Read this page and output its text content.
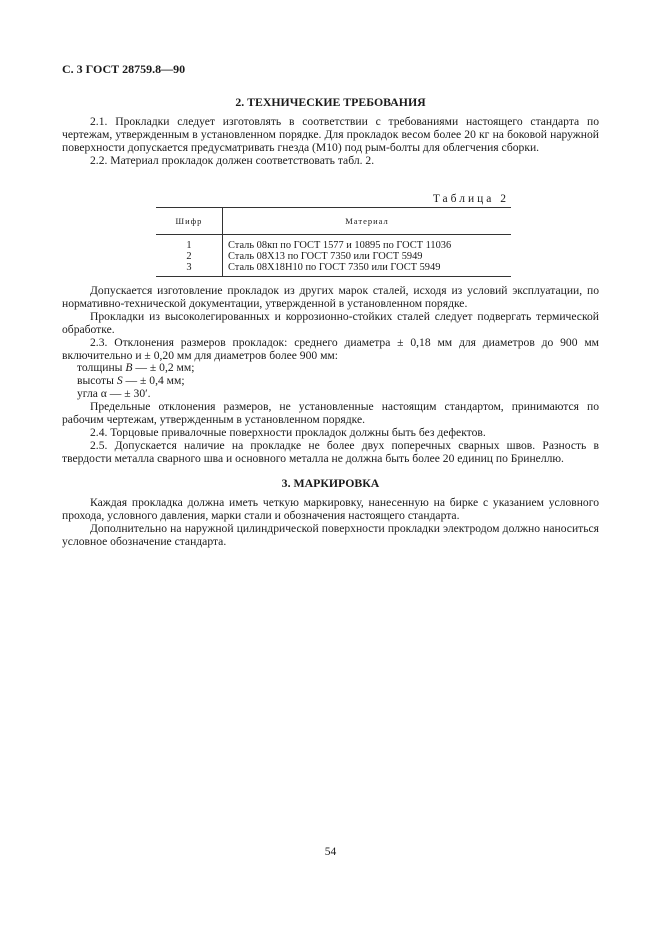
С. 3 ГОСТ 28759.8—90
2. ТЕХНИЧЕСКИЕ ТРЕБОВАНИЯ

2.1. Прокладки следует изготовлять в соответствии с требованиями настоящего стандарта по чертежам, утвержденным в установленном порядке. Для прокладок весом более 20 кг на боковой наружной поверхности допускается предусматривать гнезда (М10) под рым-болты для облегчения сборки.

2.2. Материал прокладок должен соответствовать табл. 2.

Таблица 2
Шифр	Материал
1	Сталь 08кп по ГОСТ 1577 и 10895 по ГОСТ 11036
2	Сталь 08Х13 по ГОСТ 7350 или ГОСТ 5949
3	Сталь 08Х18Н10 по ГОСТ 7350 или ГОСТ 5949

Допускается изготовление прокладок из других марок сталей, исходя из условий эксплуатации, по нормативно-технической документации, утвержденной в установленном порядке.

Прокладки из высоколегированных и коррозионно-стойких сталей следует подвергать термической обработке.

2.3. Отклонения размеров прокладок: среднего диаметра ± 0,18 мм для диаметров до 900 мм включительно и ± 0,20 мм для диаметров более 900 мм:

толщины B — ± 0,2 мм;

высоты S — ± 0,4 мм;

угла α — ± 30′.

Предельные отклонения размеров, не установленные настоящим стандартом, принимаются по рабочим чертежам, утвержденным в установленном порядке.

2.4. Торцовые привалочные поверхности прокладок должны быть без дефектов.

2.5. Допускается наличие на прокладке не более двух поперечных сварных швов. Разность в твердости металла сварного шва и основного металла не должна быть более 20 единиц по Бринеллю.

3. МАРКИРОВКА

Каждая прокладка должна иметь четкую маркировку, нанесенную на бирке с указанием условного прохода, условного давления, марки стали и обозначения настоящего стандарта.

Дополнительно на наружной цилиндрической поверхности прокладки электродом должно наноситься условное обозначение стандарта.

54
